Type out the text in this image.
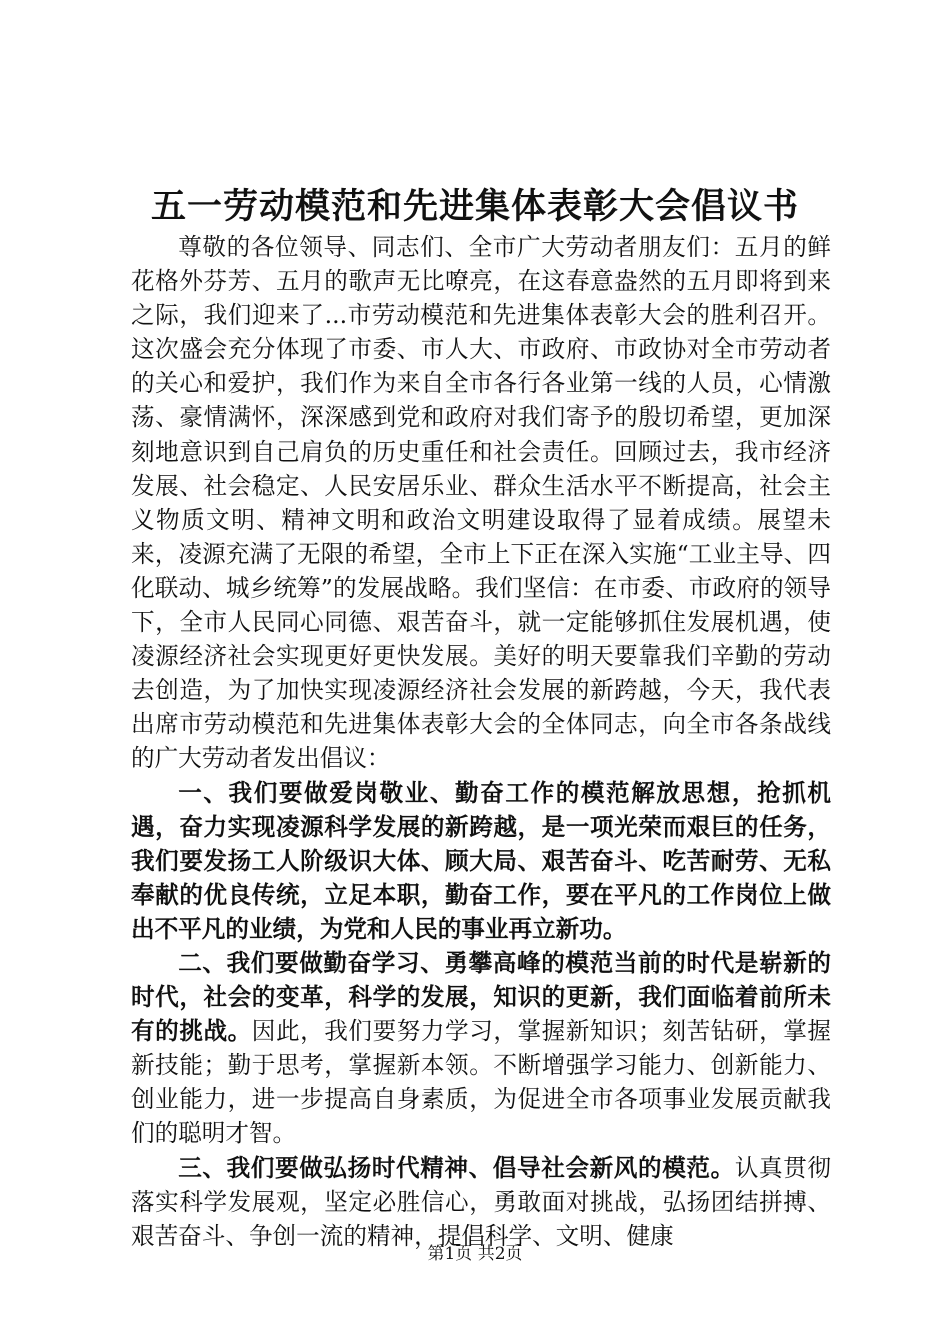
五一劳动模范和先进集体表彰大会倡议书

尊敬的各位领导、同志们、全市广大劳动者朋友们：五月的鲜花格外芬芳、五月的歌声无比嘹亮，在这春意盎然的五月即将到来之际，我们迎来了...市劳动模范和先进集体表彰大会的胜利召开。这次盛会充分体现了市委、市人大、市政府、市政协对全市劳动者的关心和爱护，我们作为来自全市各行各业第一线的人员，心情激荡、豪情满怀，深深感到党和政府对我们寄予的殷切希望，更加深刻地意识到自己肩负的历史重任和社会责任。回顾过去，我市经济发展、社会稳定、人民安居乐业、群众生活水平不断提高，社会主义物质文明、精神文明和政治文明建设取得了显着成绩。展望未来，凌源充满了无限的希望，全市上下正在深入实施“工业主导、四化联动、城乡统筹”的发展战略。我们坚信：在市委、市政府的领导下，全市人民同心同德、艰苦奋斗，就一定能够抓住发展机遇，使凌源经济社会实现更好更快发展。美好的明天要靠我们辛勤的劳动去创造，为了加快实现凌源经济社会发展的新跨越，今天，我代表出席市劳动模范和先进集体表彰大会的全体同志，向全市各条战线的广大劳动者发出倡议：

一、我们要做爱岗敬业、勤奋工作的模范解放思想，抢抓机遇，奋力实现凌源科学发展的新跨越，是一项光荣而艰巨的任务，我们要发扬工人阶级识大体、顾大局、艰苦奋斗、吃苦耐劳、无私奉献的优良传统，立足本职，勤奋工作，要在平凡的工作岗位上做出不平凡的业绩，为党和人民的事业再立新功。

二、我们要做勤奋学习、勇攀高峰的模范当前的时代是崭新的时代，社会的变革，科学的发展，知识的更新，我们面临着前所未有的挑战。因此，我们要努力学习，掌握新知识；刻苦钻研，掌握新技能；勤于思考，掌握新本领。不断增强学习能力、创新能力、创业能力，进一步提高自身素质，为促进全市各项事业发展贡献我们的聪明才智。

三、我们要做弘扬时代精神、倡导社会新风的模范。认真贯彻落实科学发展观，坚定必胜信心，勇敢面对挑战，弘扬团结拼搏、艰苦奋斗、争创一流的精神，提倡科学、文明、健康

第1页 共2页
